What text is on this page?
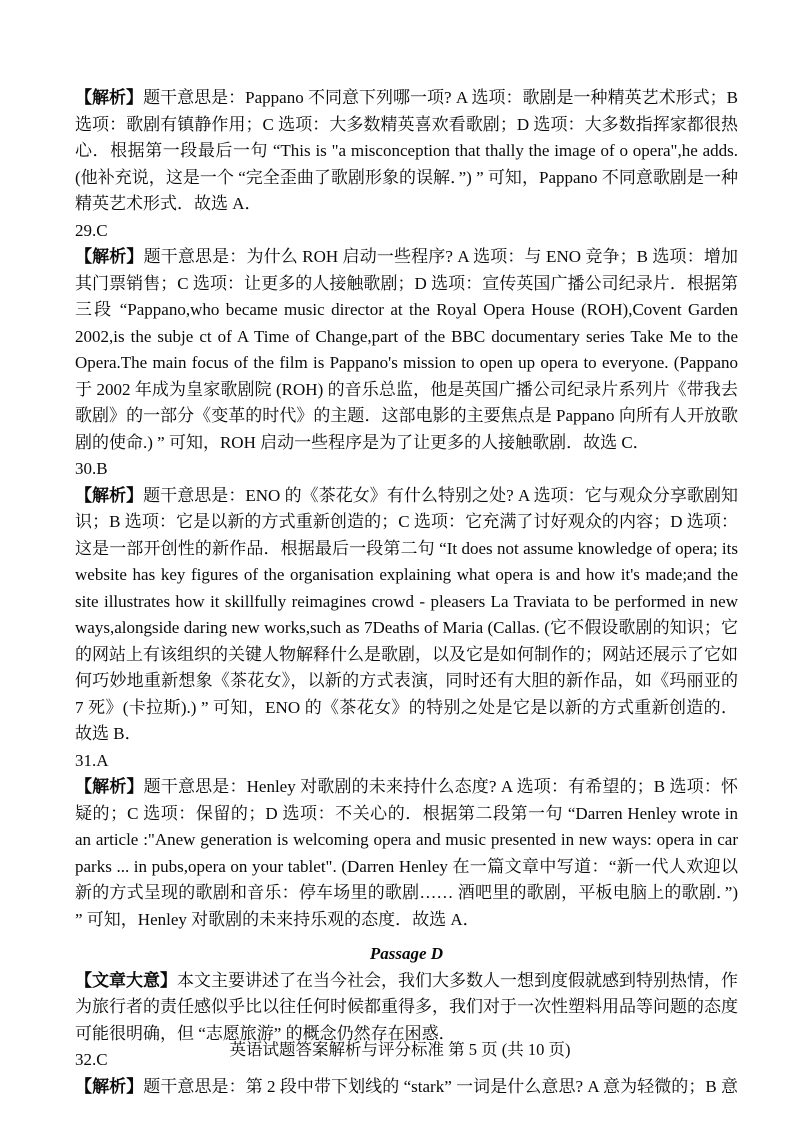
【解析】题干意思是：Pappano 不同意下列哪一项? A 选项：歌剧是一种精英艺术形式；B 选项：歌剧有镇静作用；C 选项：大多数精英喜欢看歌剧；D 选项：大多数指挥家都很热心．根据第一段最后一句 “This is "a misconception that thally the image of o opera",he adds. (他补充说，这是一个 “完全歪曲了歌剧形象的误解．”) ” 可知，Pappano 不同意歌剧是一种精英艺术形式．故选 A．

29.C

【解析】题干意思是：为什么 ROH 启动一些程序? A 选项：与 ENO 竞争；B 选项：增加其门票销售；C 选项：让更多的人接触歌剧；D 选项：宣传英国广播公司纪录片．根据第三段 “Pappano,who became music director at the Royal Opera House (ROH),Covent Garden 2002,is the subje ct of A Time of Change,part of the BBC documentary series Take Me to the Opera.The main focus of the film is Pappano's mission to open up opera to everyone. (Pappano 于 2002 年成为皇家歌剧院 (ROH) 的音乐总监，他是英国广播公司纪录片系列片《带我去歌剧》的一部分《变革的时代》的主题．这部电影的主要焦点是 Pappano 向所有人开放歌剧的使命.) ” 可知，ROH 启动一些程序是为了让更多的人接触歌剧．故选 C．

30.B

【解析】题干意思是：ENO 的《茶花女》有什么特别之处? A 选项：它与观众分享歌剧知识；B 选项：它是以新的方式重新创造的；C 选项：它充满了讨好观众的内容；D 选项：这是一部开创性的新作品．根据最后一段第二句 “It does not assume knowledge of opera; its website has key figures of the organisation explaining what opera is and how it's made;and the site illustrates how it skillfully reimagines crowd - pleasers La Traviata to be performed in new ways,alongside daring new works,such as 7Deaths of Maria (Callas. (它不假设歌剧的知识；它的网站上有该组织的关键人物解释什么是歌剧，以及它是如何制作的；网站还展示了它如何巧妙地重新想象《茶花女》，以新的方式表演，同时还有大胆的新作品，如《玛丽亚的 7 死》(卡拉斯).) ” 可知，ENO 的《茶花女》的特别之处是它是以新的方式重新创造的．故选 B．

31.A

【解析】题干意思是：Henley 对歌剧的未来持什么态度? A 选项：有希望的；B 选项：怀疑的；C 选项：保留的；D 选项：不关心的．根据第二段第一句 “Darren Henley wrote in an article :"Anew generation is welcoming opera and music presented in new ways: opera in car parks ... in pubs,opera on your tablet". (Darren Henley 在一篇文章中写道：“新一代人欢迎以新的方式呈现的歌剧和音乐：停车场里的歌剧…… 酒吧里的歌剧，平板电脑上的歌剧．”) ” 可知，Henley 对歌剧的未来持乐观的态度．故选 A．

Passage D

【文章大意】本文主要讲述了在当今社会，我们大多数人一想到度假就感到特别热情，作为旅行者的责任感似乎比以往任何时候都重得多，我们对于一次性塑料用品等问题的态度可能很明确，但 “志愿旅游” 的概念仍然存在困惑．

32.C

【解析】题干意思是：第 2 段中带下划线的 “stark” 一词是什么意思? A 意为轻微的；B 意

英语试题答案解析与评分标准 第 5 页 (共 10 页)
